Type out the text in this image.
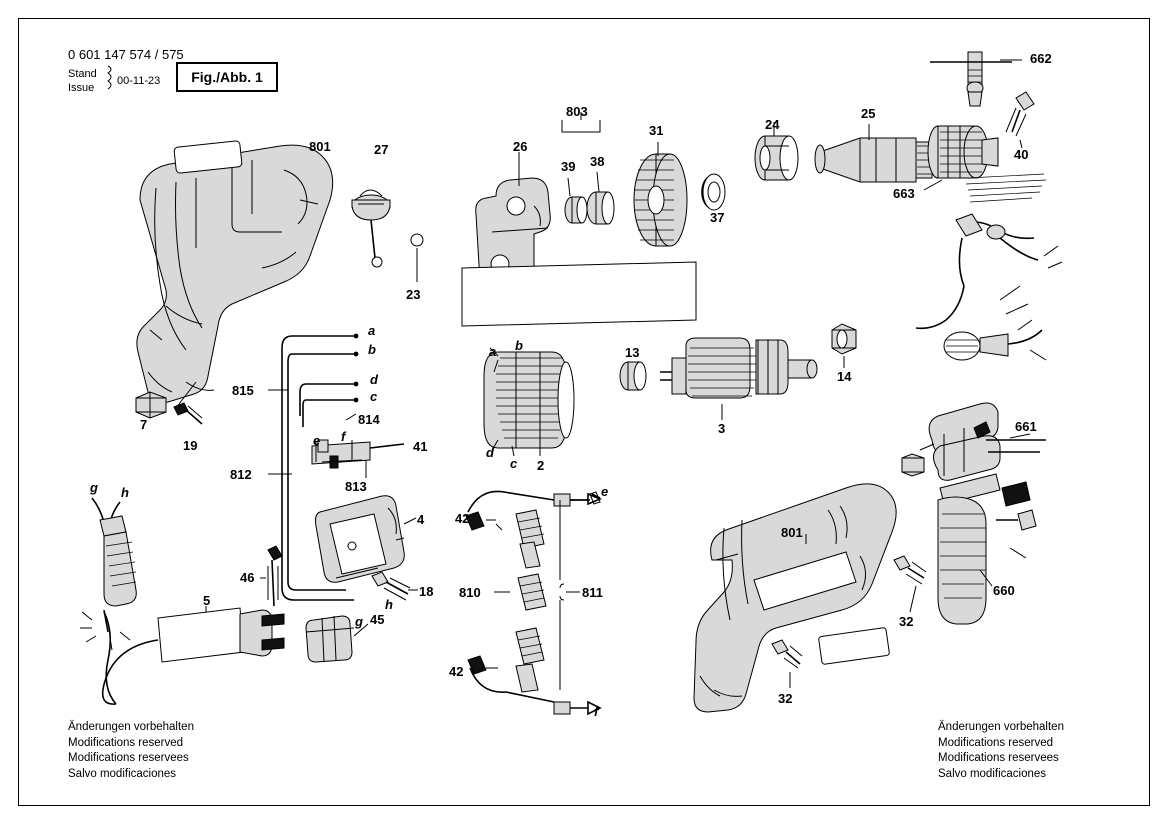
0 601 147 574 / 575
Stand
Issue
00-11-23 Fig./Abb. 1
Änderungen vorbehalten
Modifications reserved
Modifications reservees
Salvo modificaciones
Änderungen vorbehalten
Modifications reserved
Modifications reservees
Salvo modificaciones
801	27	26
803
39 38
31
37
24
25
662
40
663
23
7
19
815
814
41
812
813
13
3
14
2
4
46
18
5
45
42
810	811
42
801
32
32
661
660
a
b
d
c
e f
a b
d
c
g h
h
g
e
f
